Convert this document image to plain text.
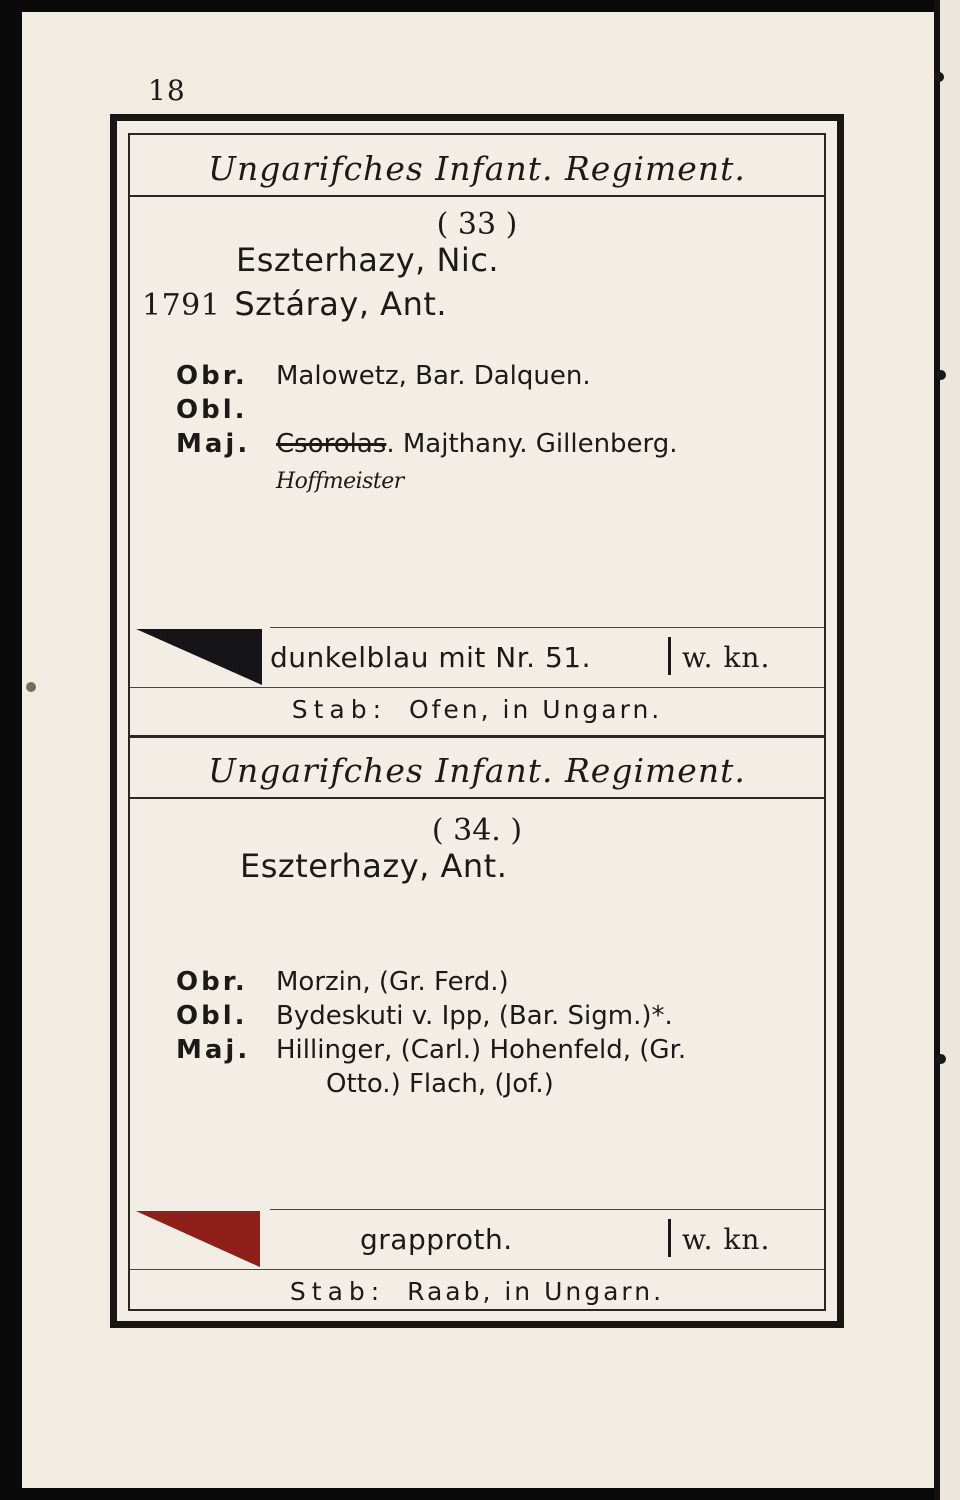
18
Ungarifches Infant. Regiment.
( 33 )
Eszterhazy, Nic.
1791 Sztáray, Ant.
Obr.	Malowetz, Bar. Dalquen.
Obl.
Maj. Csorolas . Majthany. Gillenberg.
Hoffmeister
dunkelblau mit Nr. 51.	w. kn.
Stab: Ofen, in Ungarn.
Ungarifches Infant. Regiment.
( 34. )
Eszterhazy, Ant.
Obr.	Morzin, (Gr. Ferd.)
Obl.	Bydeskuti v. Ipp, (Bar. Sigm.)*.
Maj. Hillinger, (Carl.) Hohenfeld, (Gr.
Otto.) Flach, (Jof.)
grapproth.	w. kn.
Stab: Raab, in Ungarn.
